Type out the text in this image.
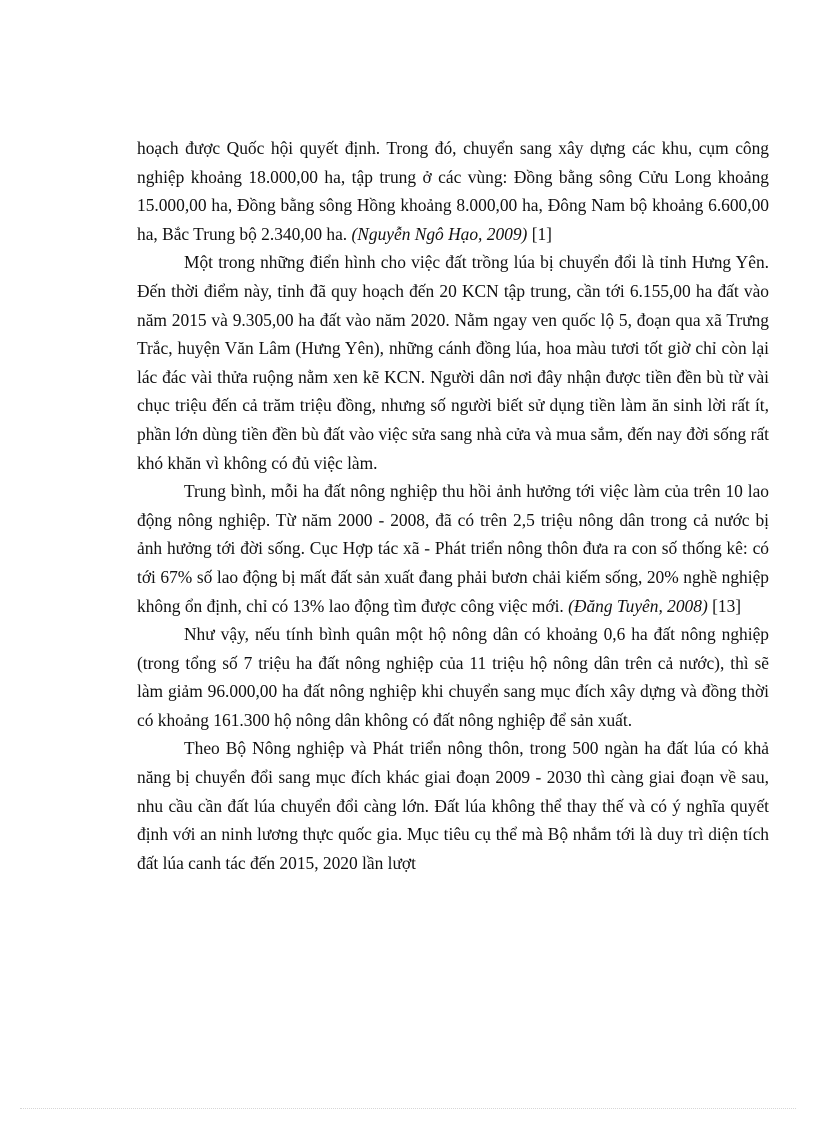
hoạch được Quốc hội quyết định. Trong đó, chuyển sang xây dựng các khu, cụm công nghiệp khoảng 18.000,00 ha, tập trung ở các vùng: Đồng bằng sông Cửu Long khoảng 15.000,00 ha, Đồng bằng sông Hồng khoảng 8.000,00 ha, Đông Nam bộ khoảng 6.600,00 ha, Bắc Trung bộ 2.340,00 ha. (Nguyễn Ngô Hạo, 2009) [1]

Một trong những điển hình cho việc đất trồng lúa bị chuyển đổi là tỉnh Hưng Yên. Đến thời điểm này, tỉnh đã quy hoạch đến 20 KCN tập trung, cần tới 6.155,00 ha đất vào năm 2015 và 9.305,00 ha đất vào năm 2020. Nằm ngay ven quốc lộ 5, đoạn qua xã Trưng Trắc, huyện Văn Lâm (Hưng Yên), những cánh đồng lúa, hoa màu tươi tốt giờ chỉ còn lại lác đác vài thửa ruộng nằm xen kẽ KCN. Người dân nơi đây nhận được tiền đền bù từ vài chục triệu đến cả trăm triệu đồng, nhưng số người biết sử dụng tiền làm ăn sinh lời rất ít, phần lớn dùng tiền đền bù đất vào việc sửa sang nhà cửa và mua sắm, đến nay đời sống rất khó khăn vì không có đủ việc làm.

Trung bình, mỗi ha đất nông nghiệp thu hồi ảnh hưởng tới việc làm của trên 10 lao động nông nghiệp. Từ năm 2000 - 2008, đã có trên 2,5 triệu nông dân trong cả nước bị ảnh hưởng tới đời sống. Cục Hợp tác xã - Phát triển nông thôn đưa ra con số thống kê: có tới 67% số lao động bị mất đất sản xuất đang phải bươn chải kiếm sống, 20% nghề nghiệp không ổn định, chỉ có 13% lao động tìm được công việc mới. (Đăng Tuyên, 2008) [13]

Như vậy, nếu tính bình quân một hộ nông dân có khoảng 0,6 ha đất nông nghiệp (trong tổng số 7 triệu ha đất nông nghiệp của 11 triệu hộ nông dân trên cả nước), thì sẽ làm giảm 96.000,00 ha đất nông nghiệp khi chuyển sang mục đích xây dựng và đồng thời có khoảng 161.300 hộ nông dân không có đất nông nghiệp để sản xuất.

Theo Bộ Nông nghiệp và Phát triển nông thôn, trong 500 ngàn ha đất lúa có khả năng bị chuyển đổi sang mục đích khác giai đoạn 2009 - 2030 thì càng giai đoạn về sau, nhu cầu cần đất lúa chuyển đổi càng lớn. Đất lúa không thể thay thế và có ý nghĩa quyết định với an ninh lương thực quốc gia. Mục tiêu cụ thể mà Bộ nhắm tới là duy trì diện tích đất lúa canh tác đến 2015, 2020 lần lượt
